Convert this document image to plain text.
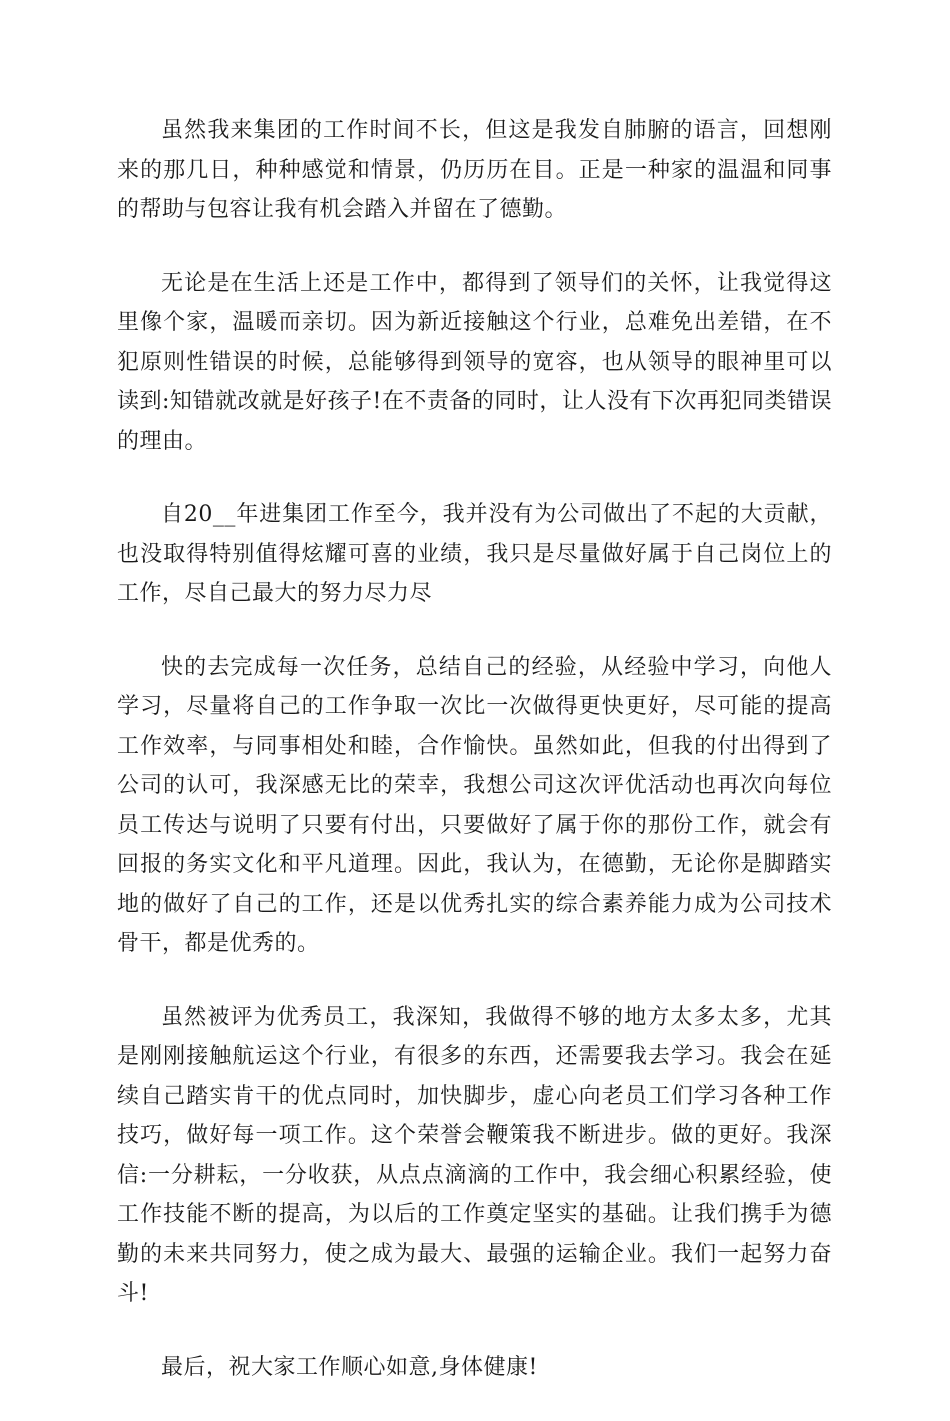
虽然我来集团的工作时间不长，但这是我发自肺腑的语言，回想刚来的那几日，种种感觉和情景，仍历历在目。正是一种家的温温和同事的帮助与包容让我有机会踏入并留在了德勤。

无论是在生活上还是工作中，都得到了领导们的关怀，让我觉得这里像个家，温暖而亲切。因为新近接触这个行业，总难免出差错，在不犯原则性错误的时候，总能够得到领导的宽容，也从领导的眼神里可以读到:知错就改就是好孩子!在不责备的同时，让人没有下次再犯同类错误的理由。

自20__年进集团工作至今，我并没有为公司做出了不起的大贡献，也没取得特别值得炫耀可喜的业绩，我只是尽量做好属于自己岗位上的工作，尽自己最大的努力尽力尽

快的去完成每一次任务，总结自己的经验，从经验中学习，向他人学习，尽量将自己的工作争取一次比一次做得更快更好，尽可能的提高工作效率，与同事相处和睦，合作愉快。虽然如此，但我的付出得到了公司的认可，我深感无比的荣幸，我想公司这次评优活动也再次向每位员工传达与说明了只要有付出，只要做好了属于你的那份工作，就会有回报的务实文化和平凡道理。因此，我认为，在德勤，无论你是脚踏实地的做好了自己的工作，还是以优秀扎实的综合素养能力成为公司技术骨干，都是优秀的。

虽然被评为优秀员工，我深知，我做得不够的地方太多太多，尤其是刚刚接触航运这个行业，有很多的东西，还需要我去学习。我会在延续自己踏实肯干的优点同时，加快脚步，虚心向老员工们学习各种工作技巧，做好每一项工作。这个荣誉会鞭策我不断进步。做的更好。我深信:一分耕耘，一分收获，从点点滴滴的工作中，我会细心积累经验，使工作技能不断的提高，为以后的工作奠定坚实的基础。让我们携手为德勤的未来共同努力，使之成为最大、最强的运输企业。我们一起努力奋斗!

最后，祝大家工作顺心如意,身体健康!
